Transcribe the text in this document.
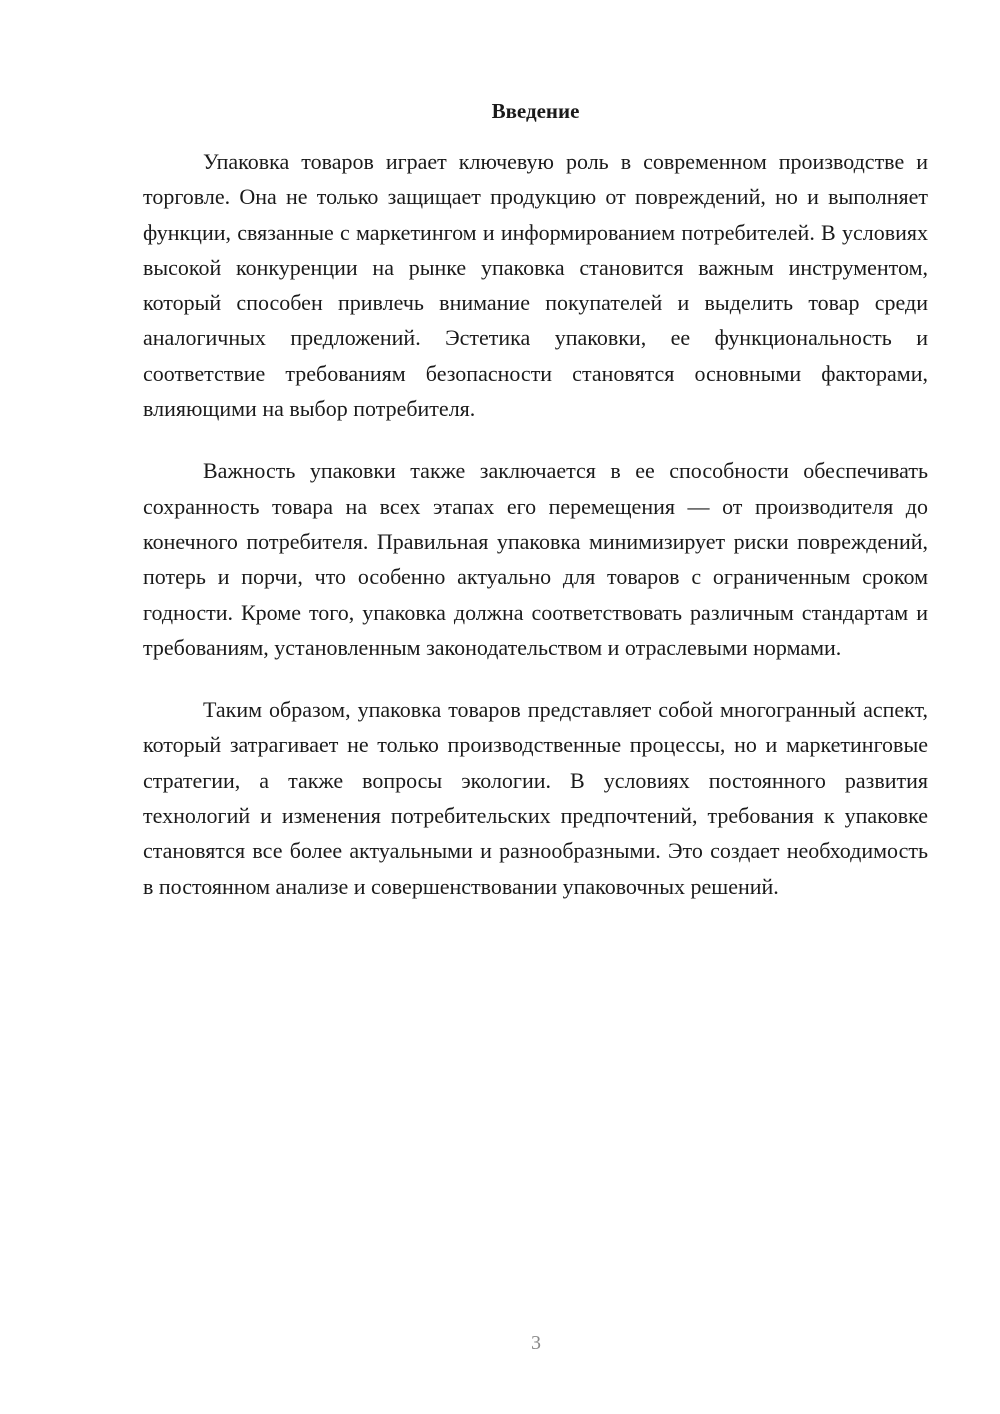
Введение

Упаковка товаров играет ключевую роль в современном производстве и торговле. Она не только защищает продукцию от повреждений, но и выполняет функции, связанные с маркетингом и информированием потребителей. В условиях высокой конкуренции на рынке упаковка становится важным инструментом, который способен привлечь внимание покупателей и выделить товар среди аналогичных предложений. Эстетика упаковки, ее функциональность и соответствие требованиям безопасности становятся основными факторами, влияющими на выбор потребителя.

Важность упаковки также заключается в ее способности обеспечивать сохранность товара на всех этапах его перемещения — от производителя до конечного потребителя. Правильная упаковка минимизирует риски повреждений, потерь и порчи, что особенно актуально для товаров с ограниченным сроком годности. Кроме того, упаковка должна соответствовать различным стандартам и требованиям, установленным законодательством и отраслевыми нормами.

Таким образом, упаковка товаров представляет собой многогранный аспект, который затрагивает не только производственные процессы, но и маркетинговые стратегии, а также вопросы экологии. В условиях постоянного развития технологий и изменения потребительских предпочтений, требования к упаковке становятся все более актуальными и разнообразными. Это создает необходимость в постоянном анализе и совершенствовании упаковочных решений.

3
